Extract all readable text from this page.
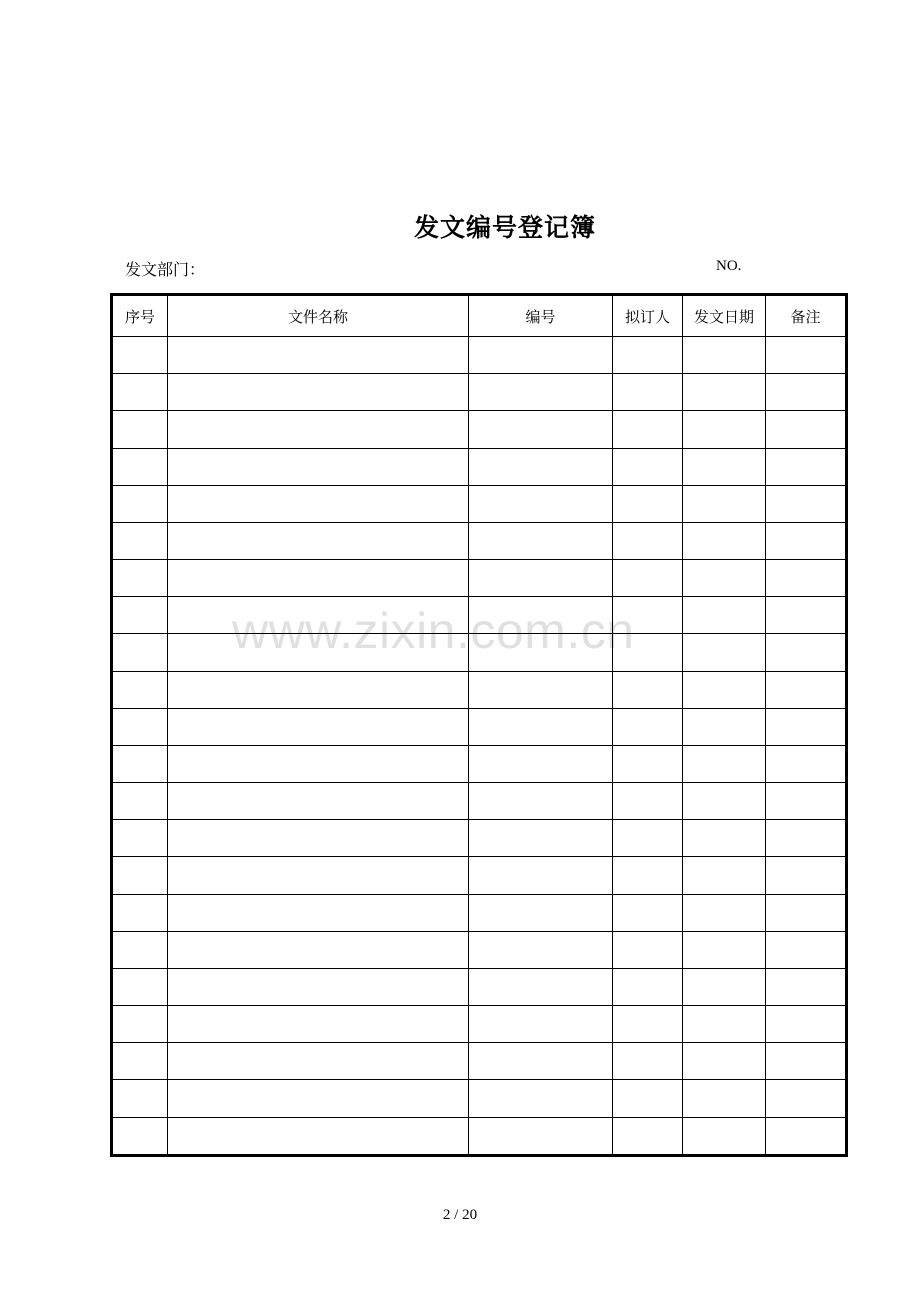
发文编号登记簿
发文部门：	NO.
序号	文件名称	编号	拟订人	发文日期	备注

www.zixin.com.cn
2 / 20
